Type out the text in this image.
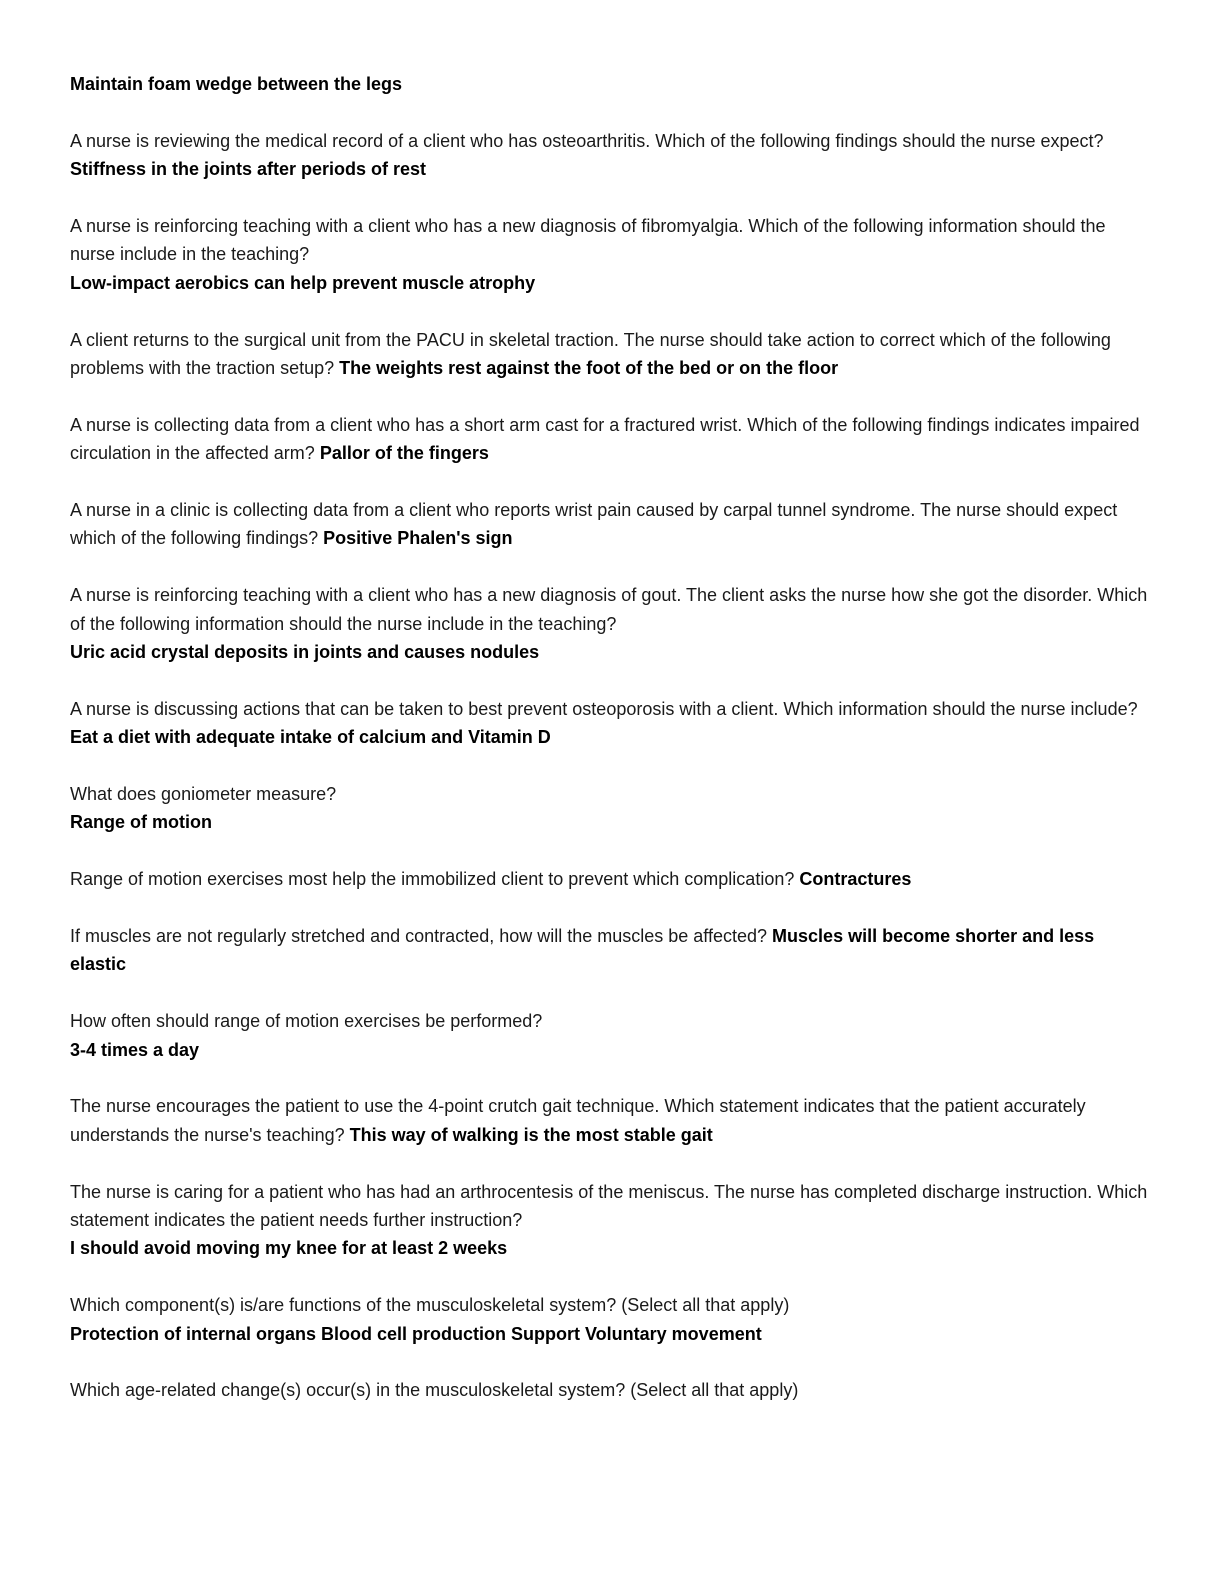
Maintain foam wedge between the legs
A nurse is reviewing the medical record of a client who has osteoarthritis. Which of the following findings should the nurse expect?
Stiffness in the joints after periods of rest
A nurse is reinforcing teaching with a client who has a new diagnosis of fibromyalgia. Which of the following information should the nurse include in the teaching?
Low-impact aerobics can help prevent muscle atrophy
A client returns to the surgical unit from the PACU in skeletal traction. The nurse should take action to correct which of the following problems with the traction setup? The weights rest against the foot of the bed or on the floor
A nurse is collecting data from a client who has a short arm cast for a fractured wrist. Which of the following findings indicates impaired circulation in the affected arm? Pallor of the fingers
A nurse in a clinic is collecting data from a client who reports wrist pain caused by carpal tunnel syndrome. The nurse should expect which of the following findings? Positive Phalen's sign
A nurse is reinforcing teaching with a client who has a new diagnosis of gout. The client asks the nurse how she got the disorder. Which of the following information should the nurse include in the teaching?
Uric acid crystal deposits in joints and causes nodules
A nurse is discussing actions that can be taken to best prevent osteoporosis with a client. Which information should the nurse include?
Eat a diet with adequate intake of calcium and Vitamin D
What does goniometer measure?
Range of motion
Range of motion exercises most help the immobilized client to prevent which complication? Contractures
If muscles are not regularly stretched and contracted, how will the muscles be affected? Muscles will become shorter and less elastic
How often should range of motion exercises be performed?
3-4 times a day
The nurse encourages the patient to use the 4-point crutch gait technique. Which statement indicates that the patient accurately understands the nurse's teaching? This way of walking is the most stable gait
The nurse is caring for a patient who has had an arthrocentesis of the meniscus. The nurse has completed discharge instruction. Which statement indicates the patient needs further instruction?
I should avoid moving my knee for at least 2 weeks
Which component(s) is/are functions of the musculoskeletal system? (Select all that apply)
Protection of internal organs Blood cell production Support Voluntary movement
Which age-related change(s) occur(s) in the musculoskeletal system? (Select all that apply)
